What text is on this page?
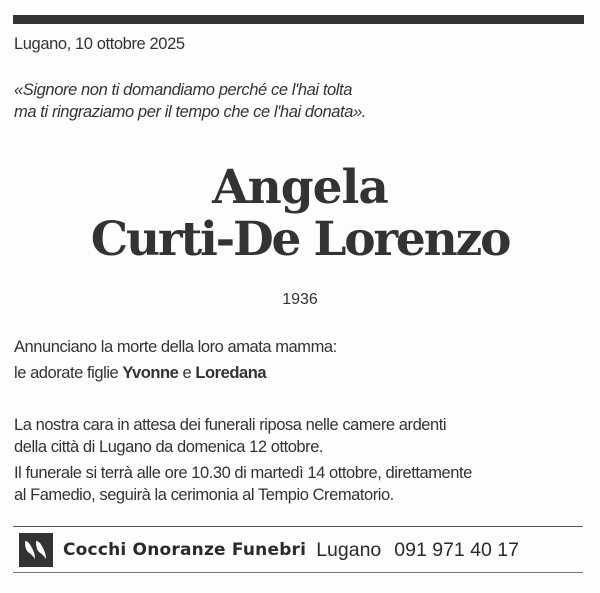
Lugano, 10 ottobre 2025
«Signore non ti domandiamo perché ce l'hai tolta
ma ti ringraziamo per il tempo che ce l'hai donata».
Angela
Curti-De Lorenzo
1936
Annunciano la morte della loro amata mamma:
le adorate figlie Yvonne e Loredana
La nostra cara in attesa dei funerali riposa nelle camere ardenti
della città di Lugano da domenica 12 ottobre.
Il funerale si terrà alle ore 10.30 di martedì 14 ottobre, direttamente
al Famedio, seguirà la cerimonia al Tempio Crematorio.
Cocchi Onoranze Funebri Lugano 091 971 40 17
